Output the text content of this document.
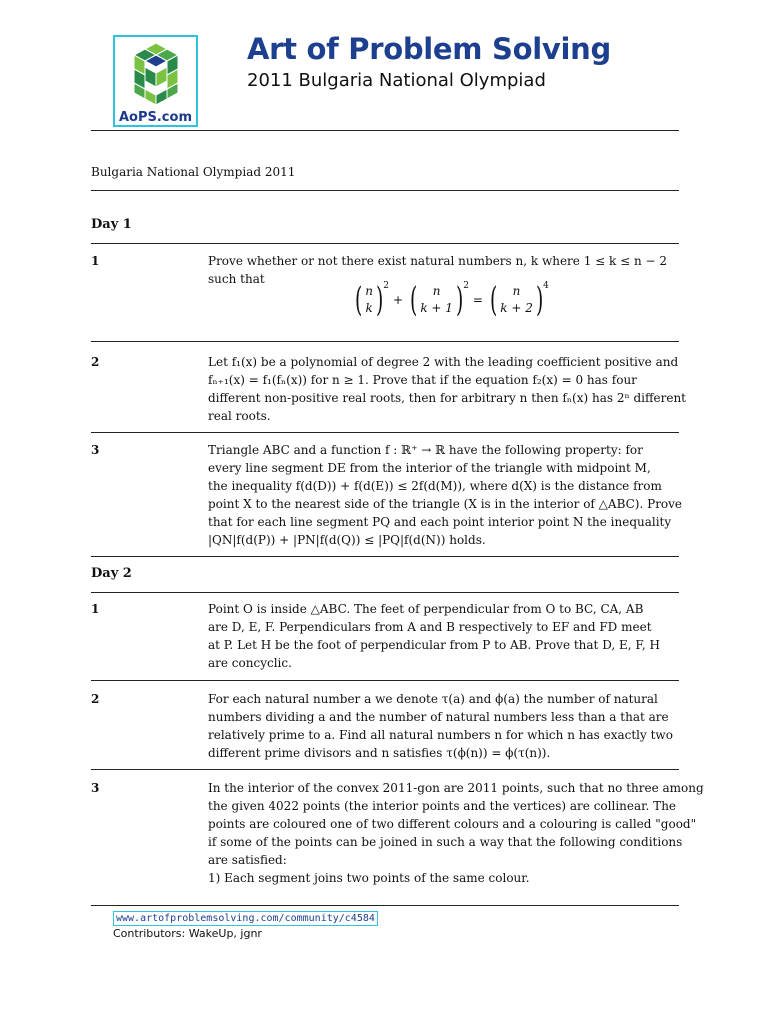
AoPS.com
Art of Problem Solving
2011 Bulgaria National Olympiad
Bulgaria National Olympiad 2011
Day 1
1	Prove whether or not there exist natural numbers n, k where 1 ≤ k ≤ n − 2
such that
( n
k ) 2
+ ( n
k + 1 ) 2
= ( n
k + 2 ) 4
2	Let f₁(x) be a polynomial of degree 2 with the leading coefficient positive and
fₙ₊₁(x) = f₁(fₙ(x)) for n ≥ 1. Prove that if the equation f₂(x) = 0 has four
different non-positive real roots, then for arbitrary n then fₙ(x) has 2ⁿ different
real roots.
3	Triangle ABC and a function f : ℝ⁺ → ℝ have the following property: for
every line segment DE from the interior of the triangle with midpoint M,
the inequality f(d(D)) + f(d(E)) ≤ 2f(d(M)), where d(X) is the distance from
point X to the nearest side of the triangle (X is in the interior of △ABC). Prove
that for each line segment PQ and each point interior point N the inequality
|QN|f(d(P)) + |PN|f(d(Q)) ≤ |PQ|f(d(N)) holds.
Day 2
1	Point O is inside △ABC. The feet of perpendicular from O to BC, CA, AB
are D, E, F. Perpendiculars from A and B respectively to EF and FD meet
at P. Let H be the foot of perpendicular from P to AB. Prove that D, E, F, H
are concyclic.
2	For each natural number a we denote τ(a) and ϕ(a) the number of natural
numbers dividing a and the number of natural numbers less than a that are
relatively prime to a. Find all natural numbers n for which n has exactly two
different prime divisors and n satisfies τ(ϕ(n)) = ϕ(τ(n)).
3	In the interior of the convex 2011-gon are 2011 points, such that no three among
the given 4022 points (the interior points and the vertices) are collinear. The
points are coloured one of two different colours and a colouring is called "good"
if some of the points can be joined in such a way that the following conditions
are satisfied:
1) Each segment joins two points of the same colour.
www.artofproblemsolving.com/community/c4584
Contributors: WakeUp, jgnr
